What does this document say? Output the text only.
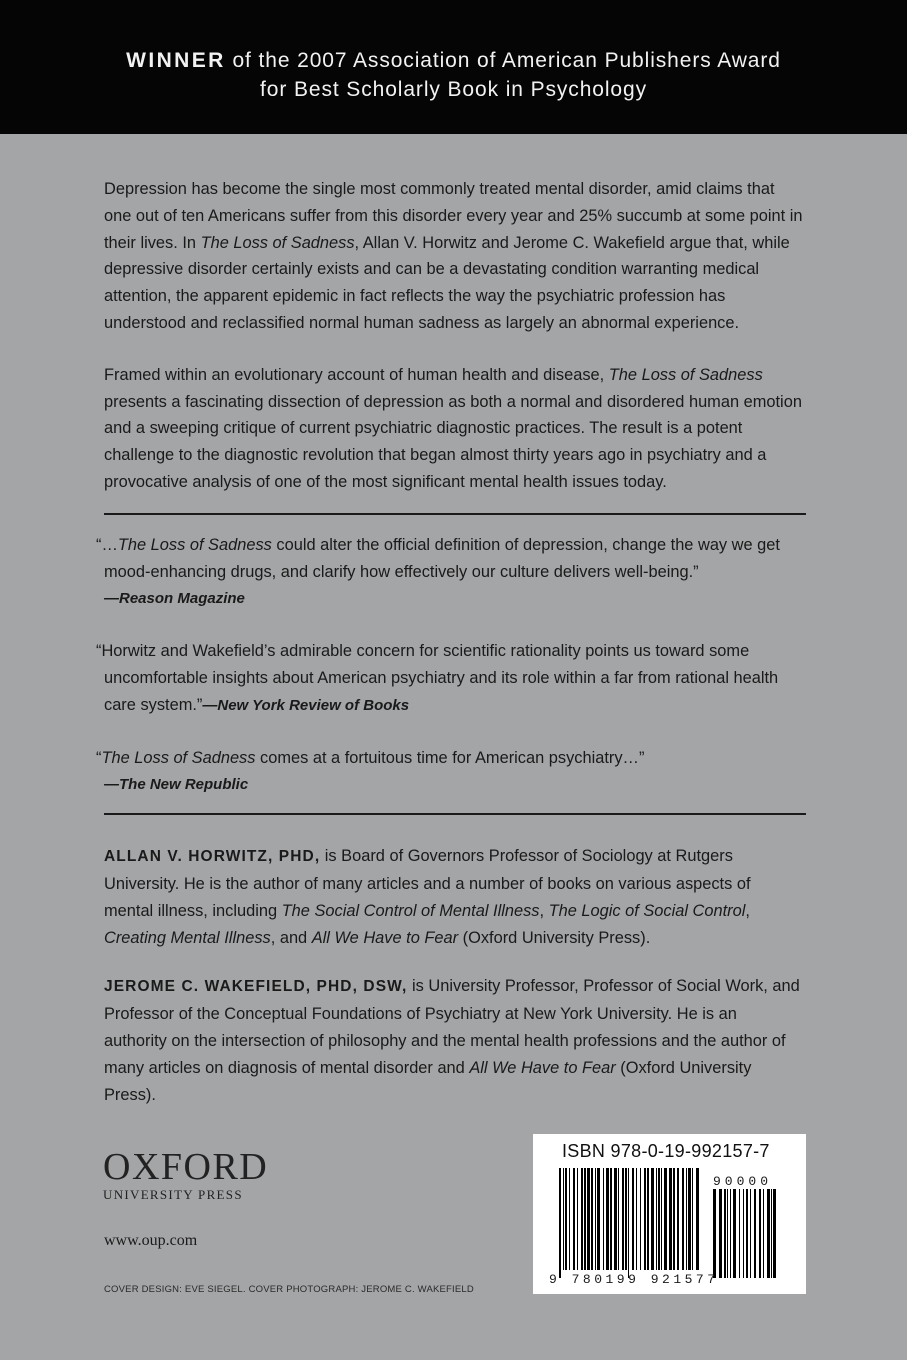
WINNER of the 2007 Association of American Publishers Award
for Best Scholarly Book in Psychology

Depression has become the single most commonly treated mental disorder, amid claims that one out of ten Americans suffer from this disorder every year and 25% succumb at some point in their lives. In The Loss of Sadness, Allan V. Horwitz and Jerome C. Wakefield argue that, while depressive disorder certainly exists and can be a devastating condition warranting medical attention, the apparent epidemic in fact reflects the way the psychiatric profession has understood and reclassified normal human sadness as largely an abnormal experience.

Framed within an evolutionary account of human health and disease, The Loss of Sadness presents a fascinating dissection of depression as both a normal and disordered human emotion and a sweeping critique of current psychiatric diagnostic practices. The result is a potent challenge to the diagnostic revolution that began almost thirty years ago in psychiatry and a provocative analysis of one of the most significant mental health issues today.

“…The Loss of Sadness could alter the official definition of depression, change the way we get mood-enhancing drugs, and clarify how effectively our culture delivers well-being.”
—Reason Magazine
“Horwitz and Wakefield’s admirable concern for scientific rationality points us toward some uncomfortable insights about American psychiatry and its role within a far from rational health care system.”—New York Review of Books
“The Loss of Sadness comes at a fortuitous time for American psychiatry…”
—The New Republic

ALLAN V. HORWITZ, PHD, is Board of Governors Professor of Sociology at Rutgers University. He is the author of many articles and a number of books on various aspects of mental illness, including The Social Control of Mental Illness, The Logic of Social Control, Creating Mental Illness, and All We Have to Fear (Oxford University Press).

JEROME C. WAKEFIELD, PHD, DSW, is University Professor, Professor of Social Work, and Professor of the Conceptual Foundations of Psychiatry at New York University. He is an authority on the intersection of philosophy and the mental health professions and the author of many articles on diagnosis of mental disorder and All We Have to Fear (Oxford University Press).

OXFORD
UNIVERSITY PRESS
www.oup.com
COVER DESIGN: EVE SIEGEL. COVER PHOTOGRAPH: JEROME C. WAKEFIELD
ISBN 978-0-19-992157-7
90000
9 780199 921577
